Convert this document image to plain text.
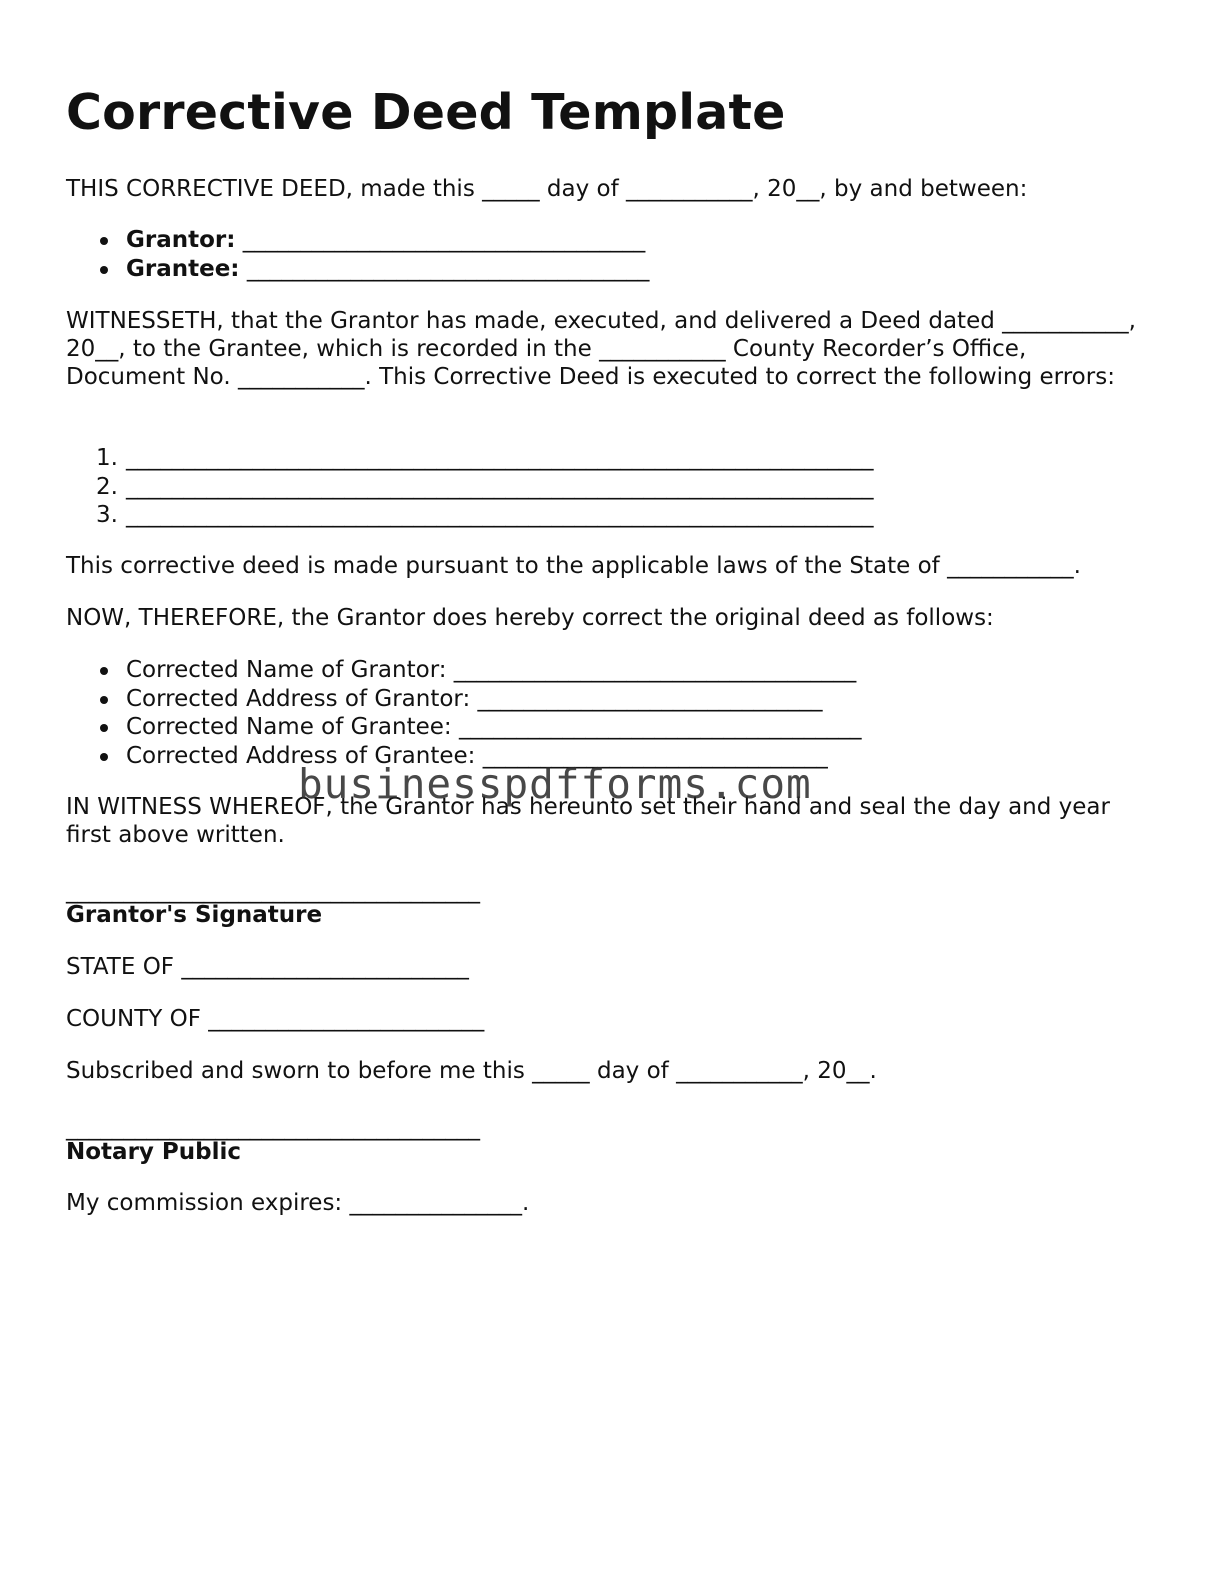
Corrective Deed Template

THIS CORRECTIVE DEED, made this _____ day of ___________, 20__, by and between:

Grantor: ___________________________________
Grantee: ___________________________________

WITNESSETH, that the Grantor has made, executed, and delivered a Deed dated ___________, 20__, to the Grantee, which is recorded in the ___________ County Recorder’s Office, Document No. ___________. This Corrective Deed is executed to correct the following errors:

1. _________________________________________________________________
2. _________________________________________________________________
3. _________________________________________________________________

This corrective deed is made pursuant to the applicable laws of the State of ___________.

NOW, THEREFORE, the Grantor does hereby correct the original deed as follows:

Corrected Name of Grantor: ___________________________________
Corrected Address of Grantor: ______________________________
Corrected Name of Grantee: ___________________________________
Corrected Address of Grantee: ______________________________

IN WITNESS WHEREOF, the Grantor has hereunto set their hand and seal the day and year first above written.

____________________________________

Grantor's Signature

STATE OF _________________________

COUNTY OF ________________________

Subscribed and sworn to before me this _____ day of ___________, 20__.

____________________________________

Notary Public

My commission expires: _______________.

businesspdfforms.com
